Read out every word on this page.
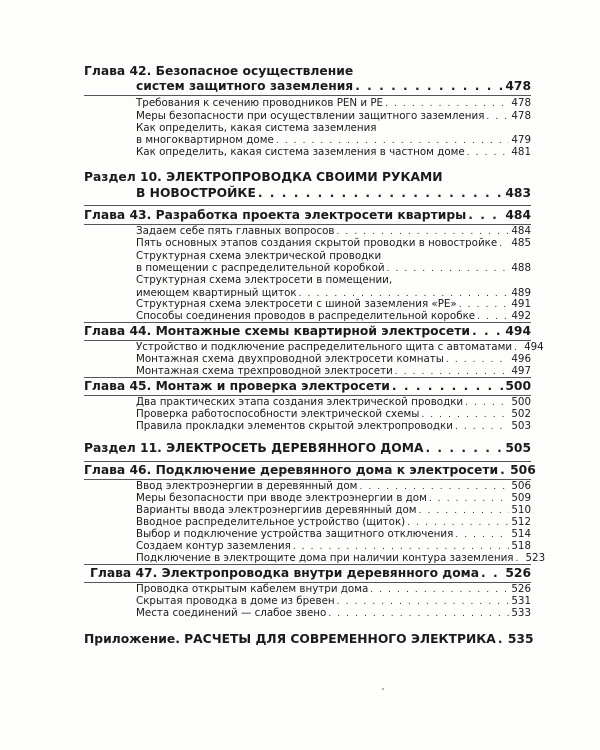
Глава 42. Безопасное осуществление
систем защитного заземления . . .	478
Требования к сечению проводников PEN и PE . . .	478
Меры безопасности при осуществлении защитного заземления . . .	478
Как определить, какая система заземления
в многоквартирном доме . . .	479
Как определить, какая система заземления в частном доме . . .	481
Раздел 10. ЭЛЕКТРОПРОВОДКА СВОИМИ РУКАМИ
В НОВОСТРОЙКЕ . . .	483
Глава 43. Разработка проекта электросети квартиры . . .	484
Задаем себе пять главных вопросов . . .	484
Пять основных этапов создания скрытой проводки в новостройке . . . 485
Структурная схема электрической проводки
в помещении с распределительной коробкой . . .	488
Структурная схема электросети в помещении,
имеющем квартирный щиток . . .	489
Структурная схема электросети с шиной заземления «PE» . . .	491
Способы соединения проводов в распределительной коробке . . .	492
Глава 44. Монтажные схемы квартирной электросети . . .	494
Устройство и подключение распределительного щита с автоматами . . . 494
Монтажная схема двухпроводной электросети комнаты . . .	496
Монтажная схема трехпроводной электросети . . .	497
Глава 45. Монтаж и проверка электросети . . .	500
Два практических этапа создания электрической проводки . . .	500
Проверка работоспособности электрической схемы . . .	502
Правила прокладки элементов скрытой электропроводки . . .	503
Раздел 11. ЭЛЕКТРОСЕТЬ ДЕРЕВЯННОГО ДОМА . . .	505
Глава 46. Подключение деревянного дома к электросети . . . 506
Ввод электроэнергии в деревянный дом . . .	506
Меры безопасности при вводе электроэнергии в дом . . .	509
Варианты ввода электроэнергиив деревянный дом . . .	510
Вводное распределительное устройство (щиток) . . .	512
Выбор и подключение устройства защитного отключения . . .	514
Создаем контур заземления . . .	518
Подключение в электрощите дома при наличии контура заземления . . . 523
Глава 47. Электропроводка внутри деревянного дома . . . 526
Проводка открытым кабелем внутри дома . . .	526
Скрытая проводка в доме из бревен . . .	531
Места соединений — слабое звено . . .	533
Приложение. РАСЧЕТЫ ДЛЯ СОВРЕМЕННОГО ЭЛЕКТРИКА . . . 535
